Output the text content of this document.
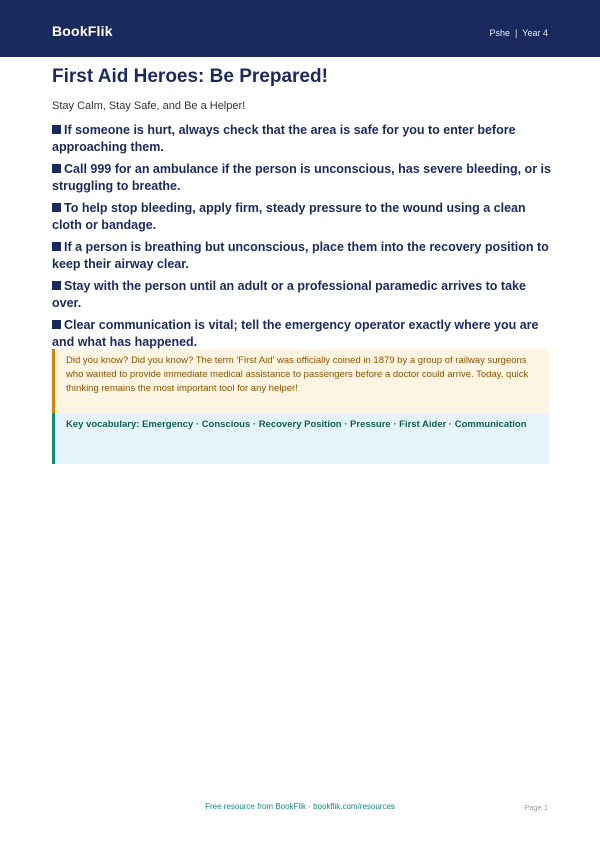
BookFlik	Pshe | Year 4
First Aid Heroes: Be Prepared!

Stay Calm, Stay Safe, and Be a Helper!

If someone is hurt, always check that the area is safe for you to enter before approaching them.
Call 999 for an ambulance if the person is unconscious, has severe bleeding, or is struggling to breathe.
To help stop bleeding, apply firm, steady pressure to the wound using a clean cloth or bandage.
If a person is breathing but unconscious, place them into the recovery position to keep their airway clear.
Stay with the person until an adult or a professional paramedic arrives to take over.
Clear communication is vital; tell the emergency operator exactly where you are and what has happened.
Did you know? Did you know? The term 'First Aid' was officially coined in 1879 by a group of railway surgeons who wanted to provide immediate medical assistance to passengers before a doctor could arrive. Today, quick thinking remains the most important tool for any helper!
Key vocabulary: Emergency · Conscious · Recovery Position · Pressure · First Aider · Communication
Free resource from BookFlik · bookflik.com/resources	Page 1
